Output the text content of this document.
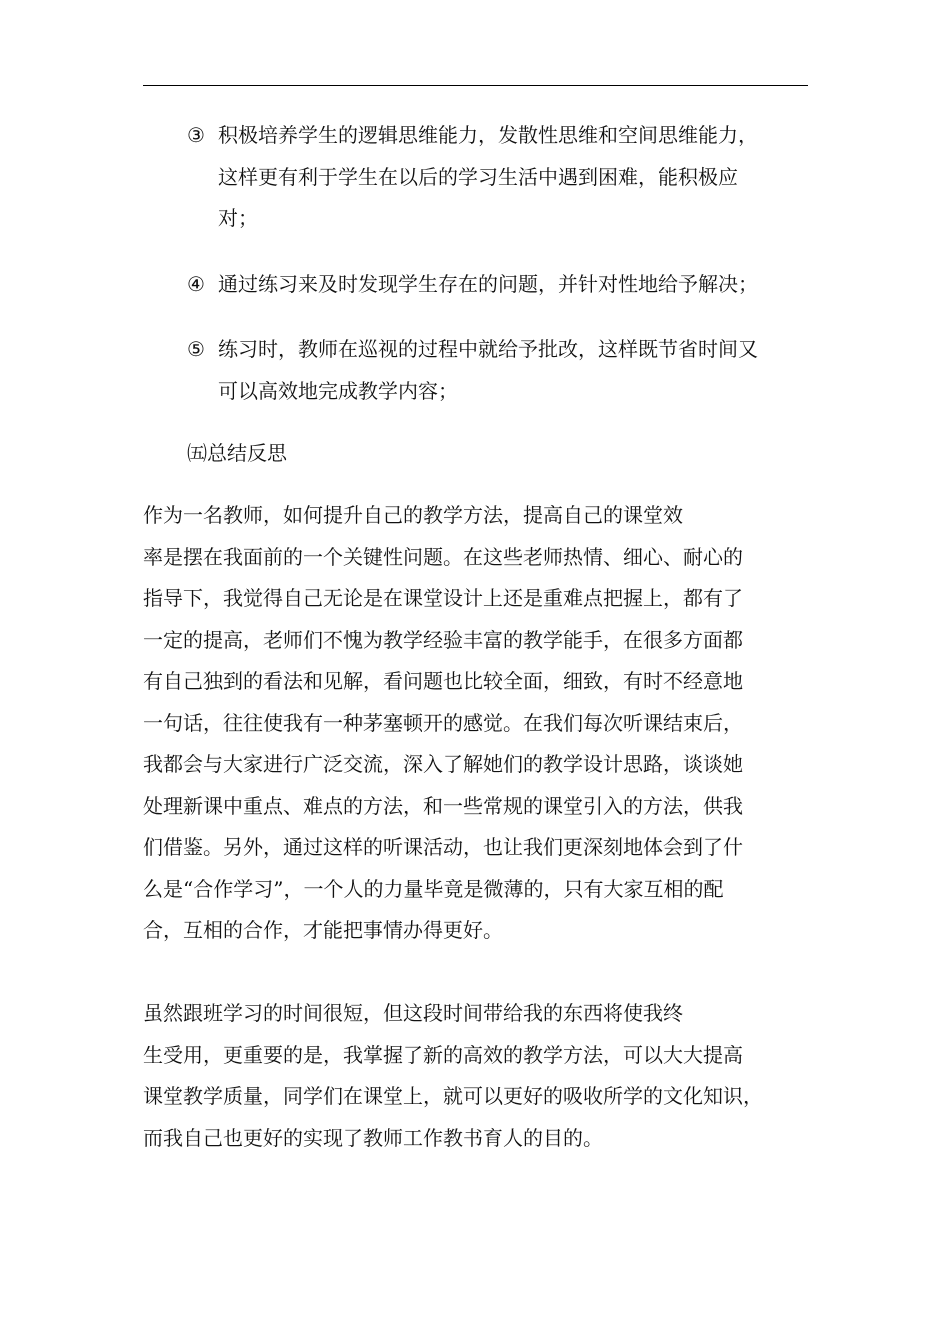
③ 积极培养学生的逻辑思维能力，发散性思维和空间思维能力，
这样更有利于学生在以后的学习生活中遇到困难，能积极应
对；
④ 通过练习来及时发现学生存在的问题，并针对性地给予解决；
⑤ 练习时，教师在巡视的过程中就给予批改，这样既节省时间又
可以高效地完成教学内容；
㈤总结反思
作为一名教师，如何提升自己的教学方法，提高自己的课堂效
率是摆在我面前的一个关键性问题。在这些老师热情、细心、耐心的
指导下，我觉得自己无论是在课堂设计上还是重难点把握上，都有了
一定的提高，老师们不愧为教学经验丰富的教学能手，在很多方面都
有自己独到的看法和见解，看问题也比较全面，细致，有时不经意地
一句话，往往使我有一种茅塞顿开的感觉。在我们每次听课结束后，
我都会与大家进行广泛交流，深入了解她们的教学设计思路，谈谈她
处理新课中重点、难点的方法，和一些常规的课堂引入的方法，供我
们借鉴。另外，通过这样的听课活动，也让我们更深刻地体会到了什
么是“合作学习”，一个人的力量毕竟是微薄的，只有大家互相的配
合，互相的合作，才能把事情办得更好。
虽然跟班学习的时间很短，但这段时间带给我的东西将使我终
生受用，更重要的是，我掌握了新的高效的教学方法，可以大大提高
课堂教学质量，同学们在课堂上，就可以更好的吸收所学的文化知识，
而我自己也更好的实现了教师工作教书育人的目的。
